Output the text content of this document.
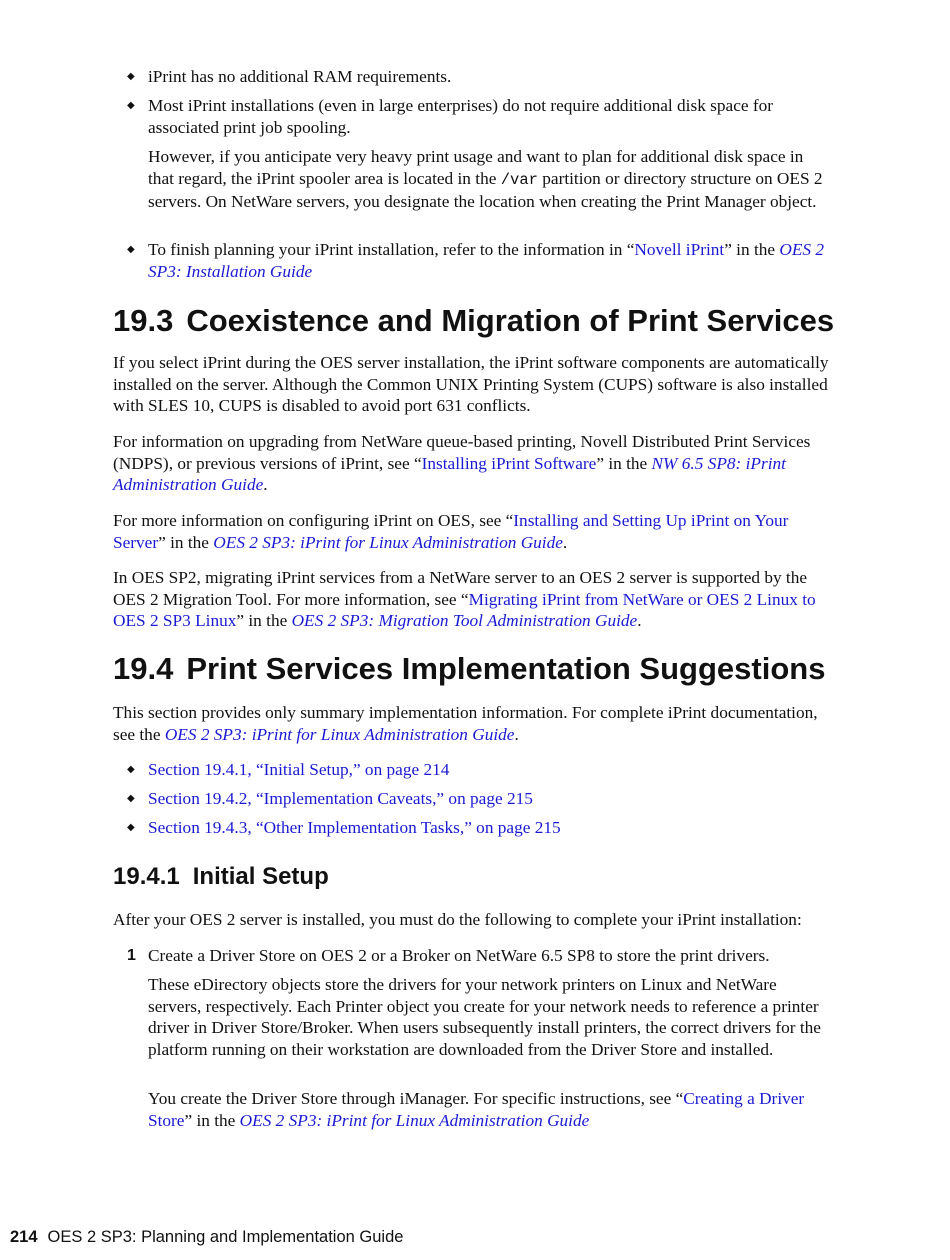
◆ iPrint has no additional RAM requirements.

◆ Most iPrint installations (even in large enterprises) do not require additional disk space for associated print job spooling.

However, if you anticipate very heavy print usage and want to plan for additional disk space in that regard, the iPrint spooler area is located in the /var partition or directory structure on OES 2 servers. On NetWare servers, you designate the location when creating the Print Manager object.

◆ To finish planning your iPrint installation, refer to the information in “Novell iPrint” in the OES 2 SP3: Installation Guide

19.3 Coexistence and Migration of Print Services

If you select iPrint during the OES server installation, the iPrint software components are automatically installed on the server. Although the Common UNIX Printing System (CUPS) software is also installed with SLES 10, CUPS is disabled to avoid port 631 conflicts.

For information on upgrading from NetWare queue-based printing, Novell Distributed Print Services (NDPS), or previous versions of iPrint, see “Installing iPrint Software” in the NW 6.5 SP8: iPrint Administration Guide.

For more information on configuring iPrint on OES, see “Installing and Setting Up iPrint on Your Server” in the OES 2 SP3: iPrint for Linux Administration Guide.

In OES SP2, migrating iPrint services from a NetWare server to an OES 2 server is supported by the OES 2 Migration Tool. For more information, see “Migrating iPrint from NetWare or OES 2 Linux to OES 2 SP3 Linux” in the OES 2 SP3: Migration Tool Administration Guide.

19.4 Print Services Implementation Suggestions

This section provides only summary implementation information. For complete iPrint documentation, see the OES 2 SP3: iPrint for Linux Administration Guide.

◆ Section 19.4.1, “Initial Setup,” on page 214

◆ Section 19.4.2, “Implementation Caveats,” on page 215

◆ Section 19.4.3, “Other Implementation Tasks,” on page 215

19.4.1 Initial Setup

After your OES 2 server is installed, you must do the following to complete your iPrint installation:

1 Create a Driver Store on OES 2 or a Broker on NetWare 6.5 SP8 to store the print drivers.

These eDirectory objects store the drivers for your network printers on Linux and NetWare servers, respectively. Each Printer object you create for your network needs to reference a printer driver in Driver Store/Broker. When users subsequently install printers, the correct drivers for the platform running on their workstation are downloaded from the Driver Store and installed.

You create the Driver Store through iManager. For specific instructions, see “Creating a Driver Store” in the OES 2 SP3: iPrint for Linux Administration Guide

214 OES 2 SP3: Planning and Implementation Guide
